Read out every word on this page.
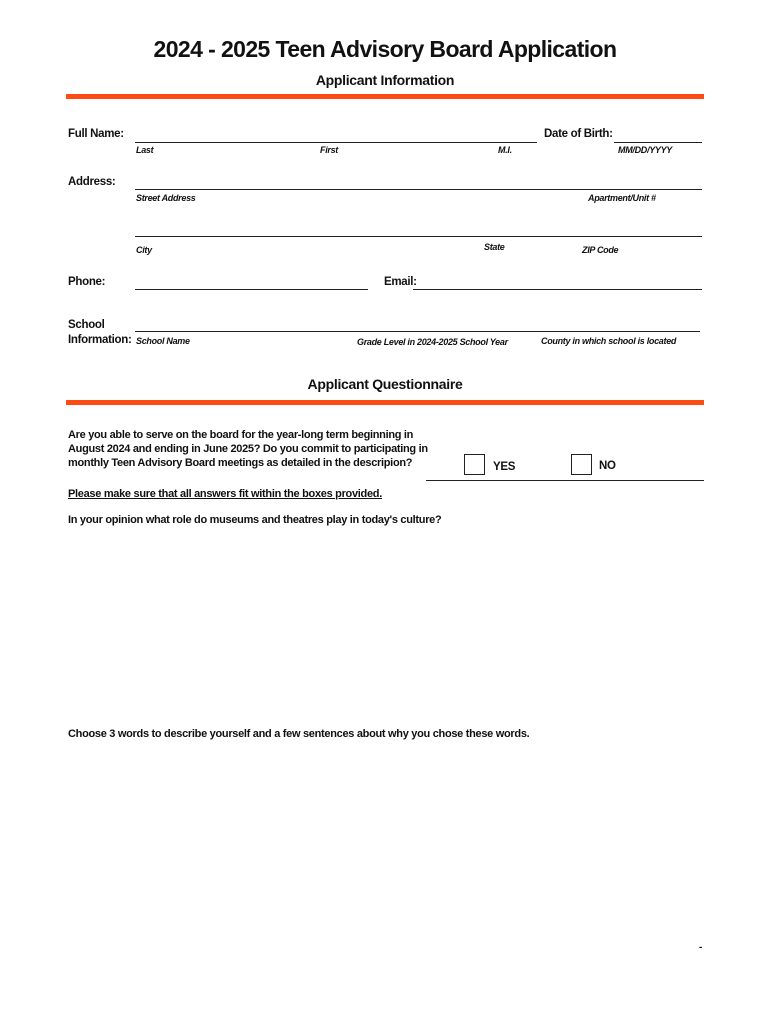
2024 - 2025 Teen Advisory Board Application
Applicant Information
Full Name:
Last	First	M.I.
Date of Birth:
MM/DD/YYYY
Address:
Street Address	Apartment/Unit #
City	State	ZIP Code
Phone:	Email:
School
Information: School Name	Grade Level in 2024-2025 School Year	County in which school is located
Applicant Questionnaire
Are you able to serve on the board for the year-long term beginning in
August 2024 and ending in June 2025? Do you commit to participating in
monthly Teen Advisory Board meetings as detailed in the descripion?	YES	NO
Please make sure that all answers fit within the boxes provided.
In your opinion what role do museums and theatres play in today's culture?
Choose 3 words to describe yourself and a few sentences about why you chose these words.
-
